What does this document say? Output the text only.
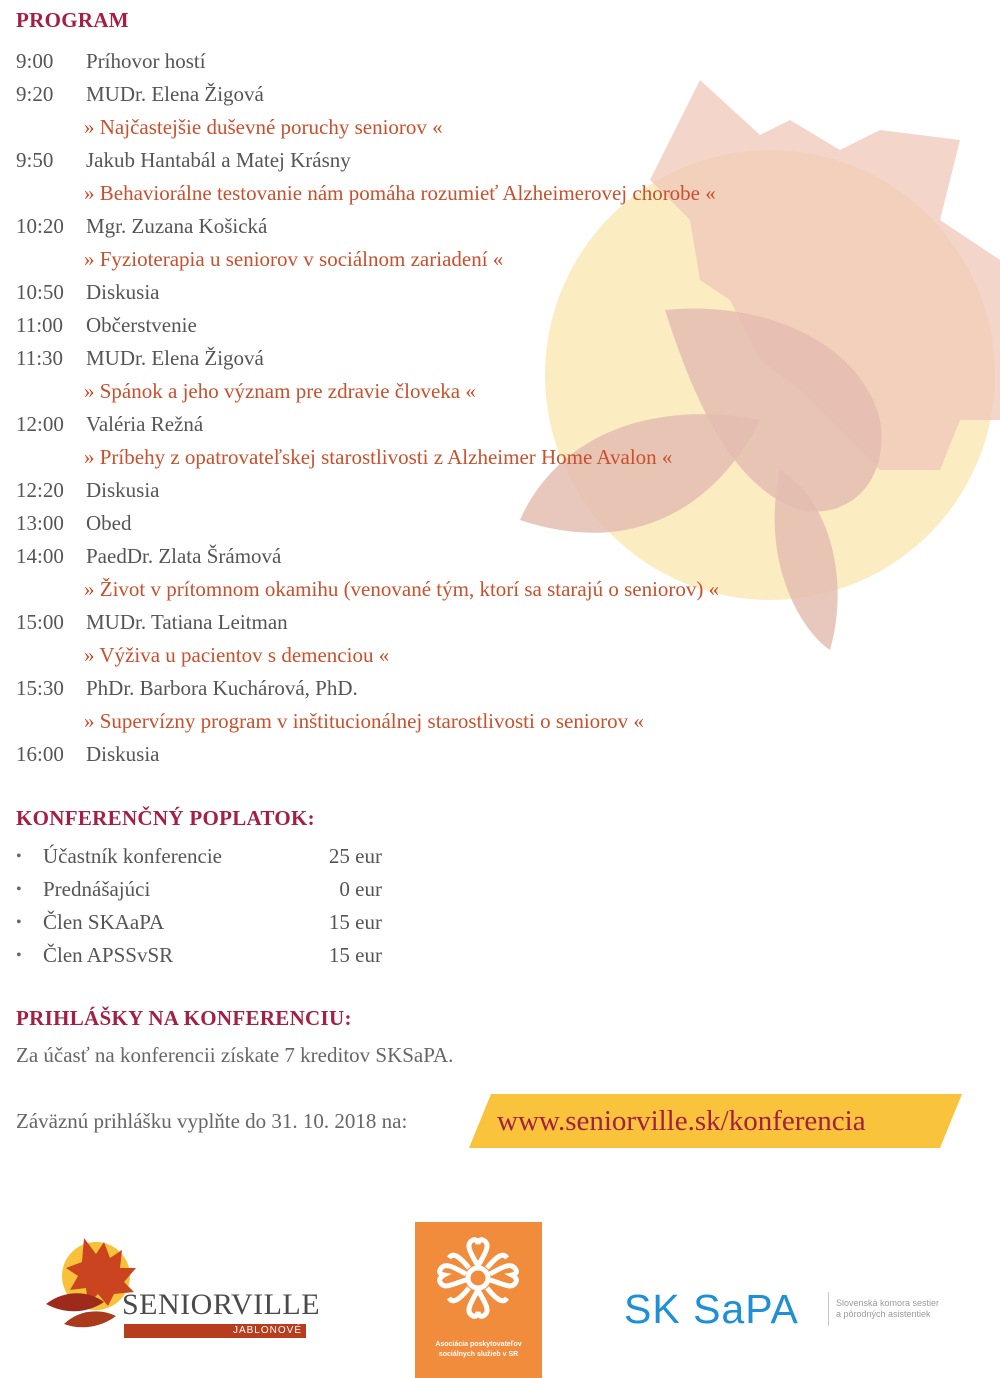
PROGRAM
9:00	Príhovor hostí
9:20	MUDr. Elena Žigová
» Najčastejšie duševné poruchy seniorov «
9:50	Jakub Hantabál a Matej Krásny
» Behaviorálne testovanie nám pomáha rozumieť Alzheimerovej chorobe «
10:20	Mgr. Zuzana Košická
» Fyzioterapia u seniorov v sociálnom zariadení «
10:50	Diskusia
11:00	Občerstvenie
11:30	MUDr. Elena Žigová
» Spánok a jeho význam pre zdravie človeka «
12:00	Valéria Režná
» Príbehy z opatrovateľskej starostlivosti z Alzheimer Home Avalon «
12:20	Diskusia
13:00	Obed
14:00	PaedDr. Zlata Šrámová
» Život v prítomnom okamihu (venované tým, ktorí sa starajú o seniorov) «
15:00	MUDr. Tatiana Leitman
» Výživa u pacientov s demenciou «
15:30	PhDr. Barbora Kuchárová, PhD.
» Supervízny program v inštitucionálnej starostlivosti o seniorov «
16:00	Diskusia
KONFERENČNÝ POPLATOK:
• Účastník konferencie	25 eur
• Prednášajúci	0 eur
• Člen SKAaPA	15 eur
• Člen APSSvSR	15 eur
PRIHLÁŠKY NA KONFERENCIU:
Za účasť na konferencii získate 7 kreditov SKSaPA.
Záväznú prihlášku vyplňte do 31. 10. 2018 na:	www.seniorville.sk/konferencia
SENIORVILLE
JABLONOVÉ
Asociácia poskytovateľov sociálnych služieb v SR
SK SaPA	Slovenská komora sestier
a pôrodných asistentiek
